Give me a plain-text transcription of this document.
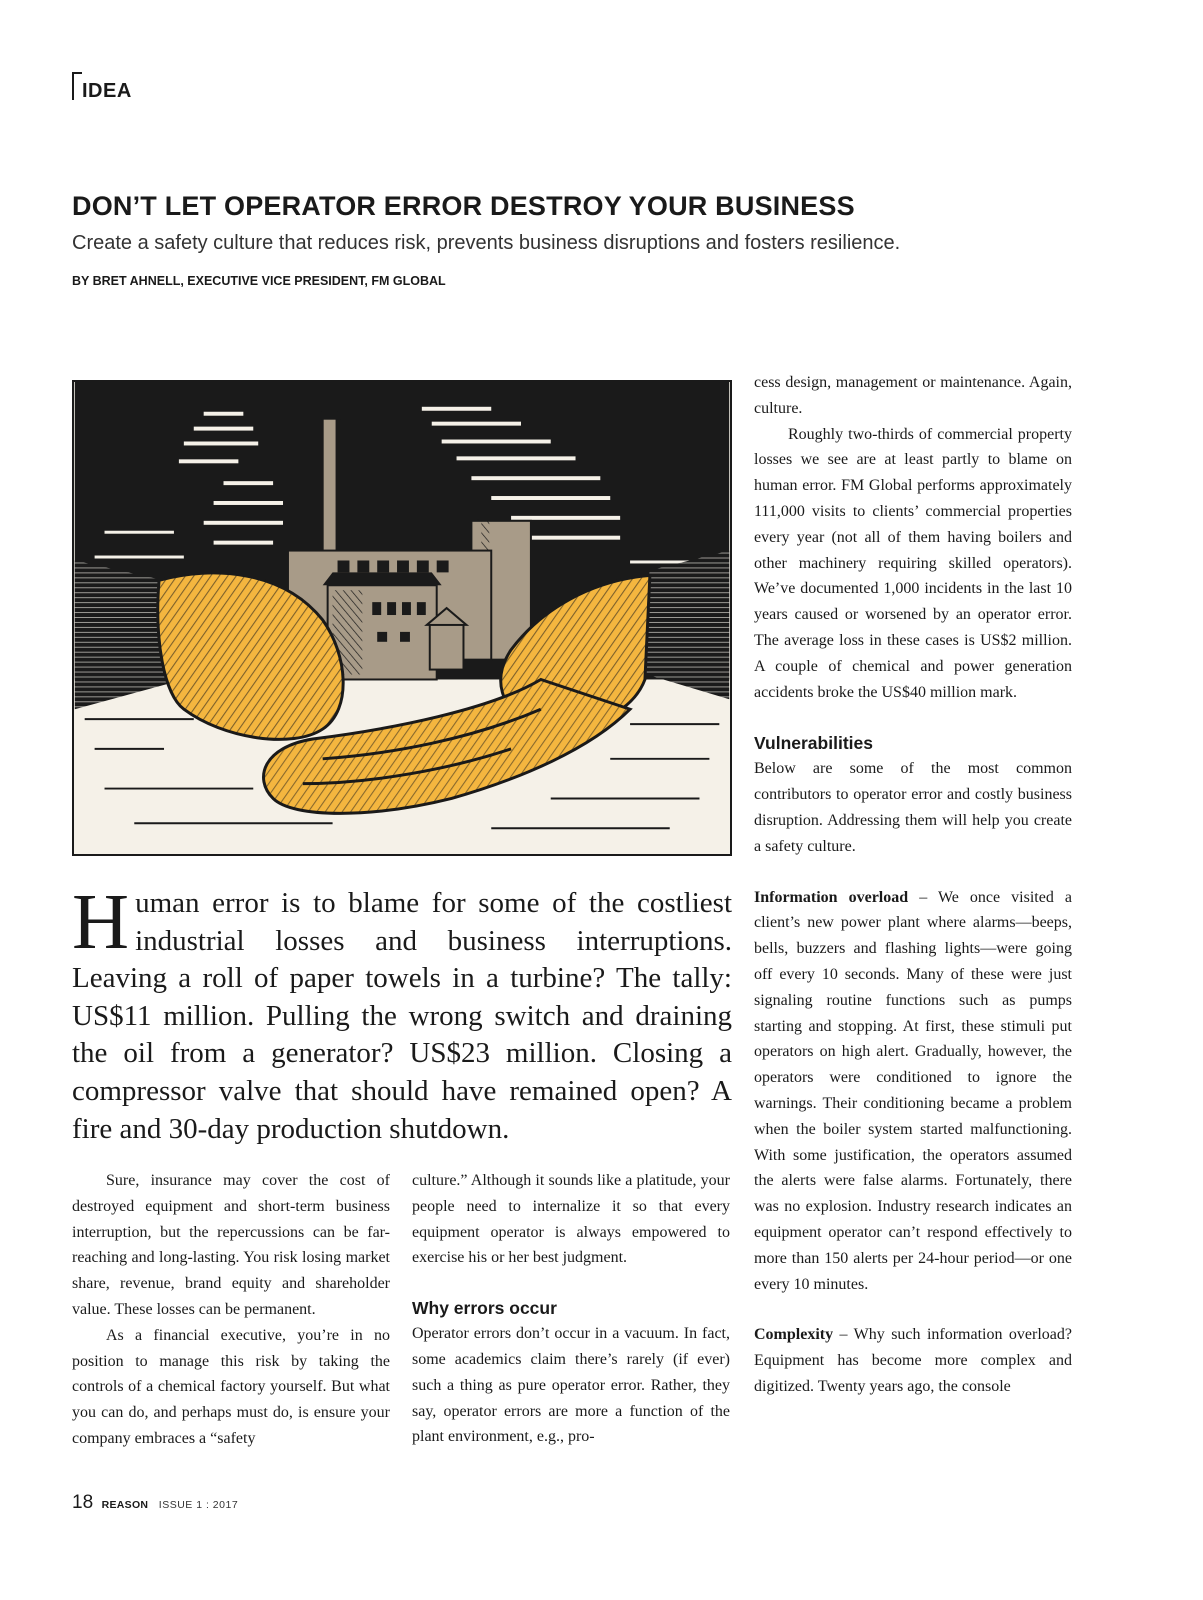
IDEA
DON’T LET OPERATOR ERROR DESTROY YOUR BUSINESS
Create a safety culture that reduces risk, prevents business disruptions and fosters resilience.
BY BRET AHNELL, EXECUTIVE VICE PRESIDENT, FM GLOBAL
Human error is to blame for some of the costliest industrial losses and business interruptions. Leaving a roll of paper towels in a turbine? The tally: US$11 million. Pulling the wrong switch and draining the oil from a generator? US$23 million. Closing a compressor valve that should have remained open? A fire and 30-day production shutdown.

Sure, insurance may cover the cost of destroyed equipment and short-term business interruption, but the repercussions can be far-reaching and long-lasting. You risk losing market share, revenue, brand equity and shareholder value. These losses can be permanent.

As a financial executive, you’re in no position to manage this risk by taking the controls of a chemical factory yourself. But what you can do, and perhaps must do, is ensure your company embraces a “safety

culture.” Although it sounds like a platitude, your people need to internalize it so that every equipment operator is always empowered to exercise his or her best judgment.

Why errors occur

Operator errors don’t occur in a vacuum. In fact, some academics claim there’s rarely (if ever) such a thing as pure operator error. Rather, they say, operator errors are more a function of the plant environment, e.g., pro-

cess design, management or maintenance. Again, culture.

Roughly two-thirds of commercial property losses we see are at least partly to blame on human error. FM Global performs approximately 111,000 visits to clients’ commercial properties every year (not all of them having boilers and other machinery requiring skilled operators). We’ve documented 1,000 incidents in the last 10 years caused or worsened by an operator error. The average loss in these cases is US$2 million. A couple of chemical and power generation accidents broke the US$40 million mark.

Vulnerabilities

Below are some of the most common contributors to operator error and costly business disruption. Addressing them will help you create a safety culture.

Information overload – We once visited a client’s new power plant where alarms—beeps, bells, buzzers and flashing lights—were going off every 10 seconds. Many of these were just signaling routine functions such as pumps starting and stopping. At first, these stimuli put operators on high alert. Gradually, however, the operators were conditioned to ignore the warnings. Their conditioning became a problem when the boiler system started malfunctioning. With some justification, the operators assumed the alerts were false alarms. Fortunately, there was no explosion. Industry research indicates an equipment operator can’t respond effectively to more than 150 alerts per 24-hour period—or one every 10 minutes.

Complexity – Why such information overload? Equipment has become more complex and digitized. Twenty years ago, the console

18 REASON ISSUE 1 : 2017
